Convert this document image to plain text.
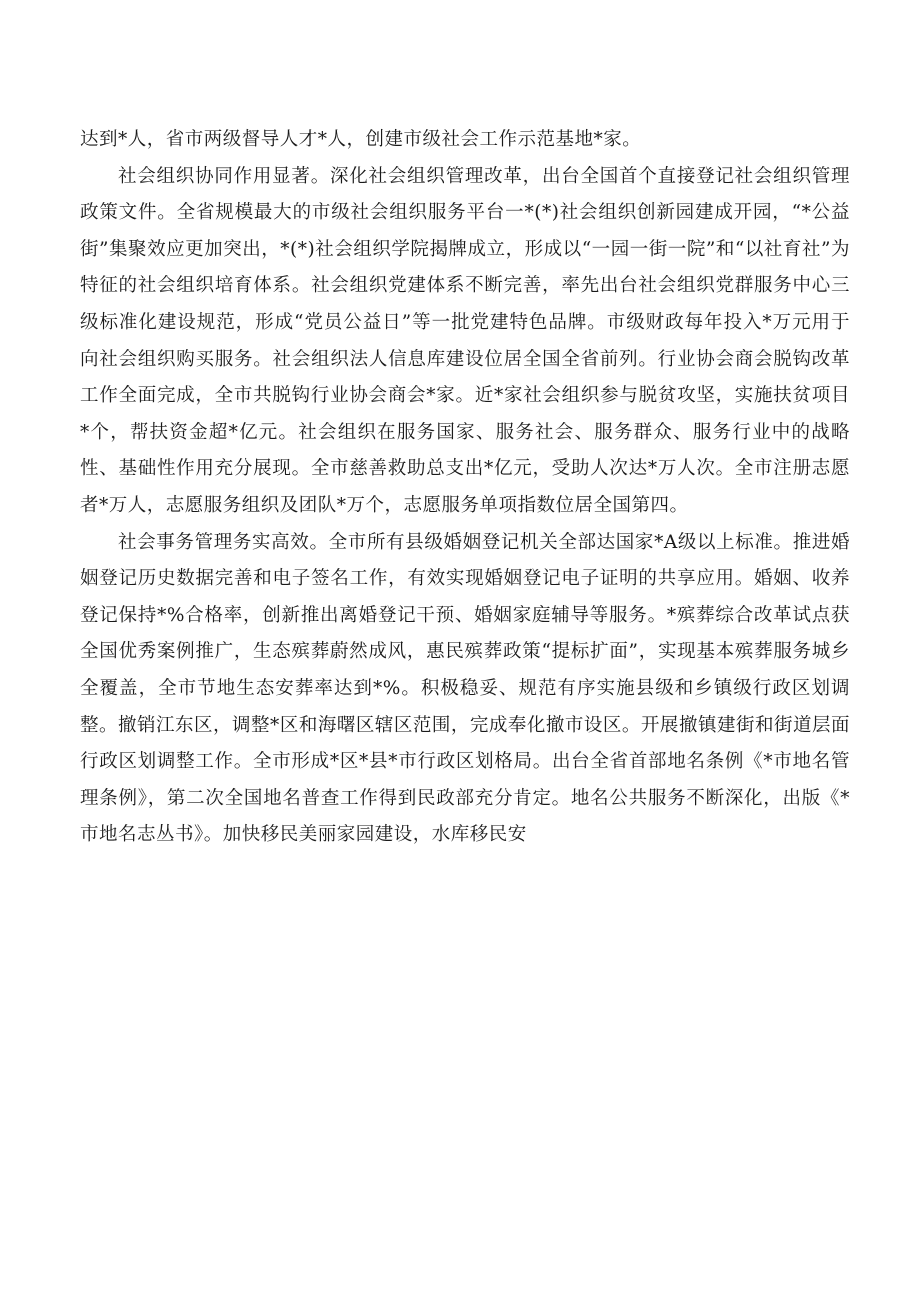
达到*人，省市两级督导人才*人，创建市级社会工作示范基地*家。

社会组织协同作用显著。深化社会组织管理改革，出台全国首个直接登记社会组织管理政策文件。全省规模最大的市级社会组织服务平台一*(*)社会组织创新园建成开园，“*公益街”集聚效应更加突出，*(*)社会组织学院揭牌成立，形成以“一园一街一院”和“以社育社”为特征的社会组织培育体系。社会组织党建体系不断完善，率先出台社会组织党群服务中心三级标准化建设规范，形成“党员公益日”等一批党建特色品牌。市级财政每年投入*万元用于向社会组织购买服务。社会组织法人信息库建设位居全国全省前列。行业协会商会脱钩改革工作全面完成，全市共脱钩行业协会商会*家。近*家社会组织参与脱贫攻坚，实施扶贫项目*个，帮扶资金超*亿元。社会组织在服务国家、服务社会、服务群众、服务行业中的战略性、基础性作用充分展现。全市慈善救助总支出*亿元，受助人次达*万人次。全市注册志愿者*万人，志愿服务组织及团队*万个，志愿服务单项指数位居全国第四。

社会事务管理务实高效。全市所有县级婚姻登记机关全部达国家*A级以上标准。推进婚姻登记历史数据完善和电子签名工作，有效实现婚姻登记电子证明的共享应用。婚姻、收养登记保持*%合格率，创新推出离婚登记干预、婚姻家庭辅导等服务。*殡葬综合改革试点获全国优秀案例推广，生态殡葬蔚然成风，惠民殡葬政策“提标扩面”，实现基本殡葬服务城乡全覆盖，全市节地生态安葬率达到*%。积极稳妥、规范有序实施县级和乡镇级行政区划调整。撤销江东区，调整*区和海曙区辖区范围，完成奉化撤市设区。开展撤镇建街和街道层面行政区划调整工作。全市形成*区*县*市行政区划格局。出台全省首部地名条例《*市地名管理条例》，第二次全国地名普查工作得到民政部充分肯定。地名公共服务不断深化，出版《*市地名志丛书》。加快移民美丽家园建设，水库移民安
